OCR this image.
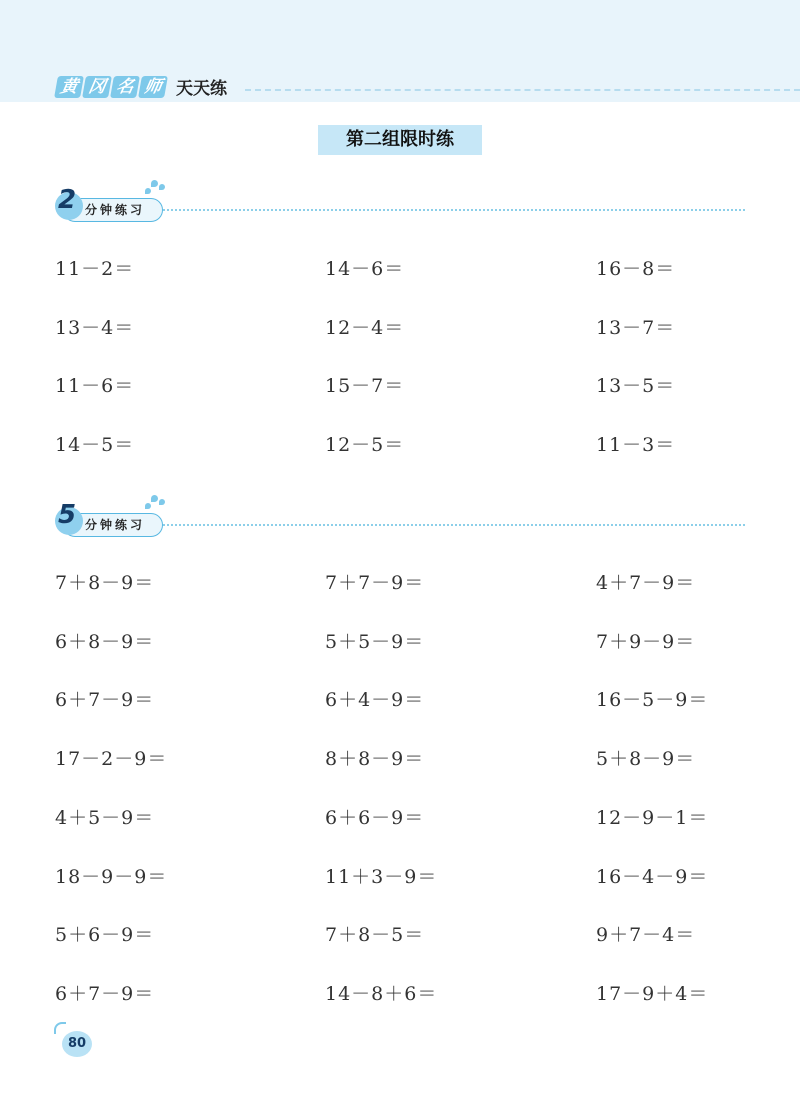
黄 冈 名 师 天天练
第二组限时练
2 分钟练习
11－2＝	14－6＝	16－8＝
13－4＝	12－4＝	13－7＝
11－6＝	15－7＝	13－5＝
14－5＝	12－5＝	11－3＝
5 分钟练习
7＋8－9＝	7＋7－9＝	4＋7－9＝
6＋8－9＝	5＋5－9＝	7＋9－9＝
6＋7－9＝	6＋4－9＝	16－5－9＝
17－2－9＝	8＋8－9＝	5＋8－9＝
4＋5－9＝	6＋6－9＝	12－9－1＝
18－9－9＝	11＋3－9＝	16－4－9＝
5＋6－9＝	7＋8－5＝	9＋7－4＝
6＋7－9＝	14－8＋6＝	17－9＋4＝
80
